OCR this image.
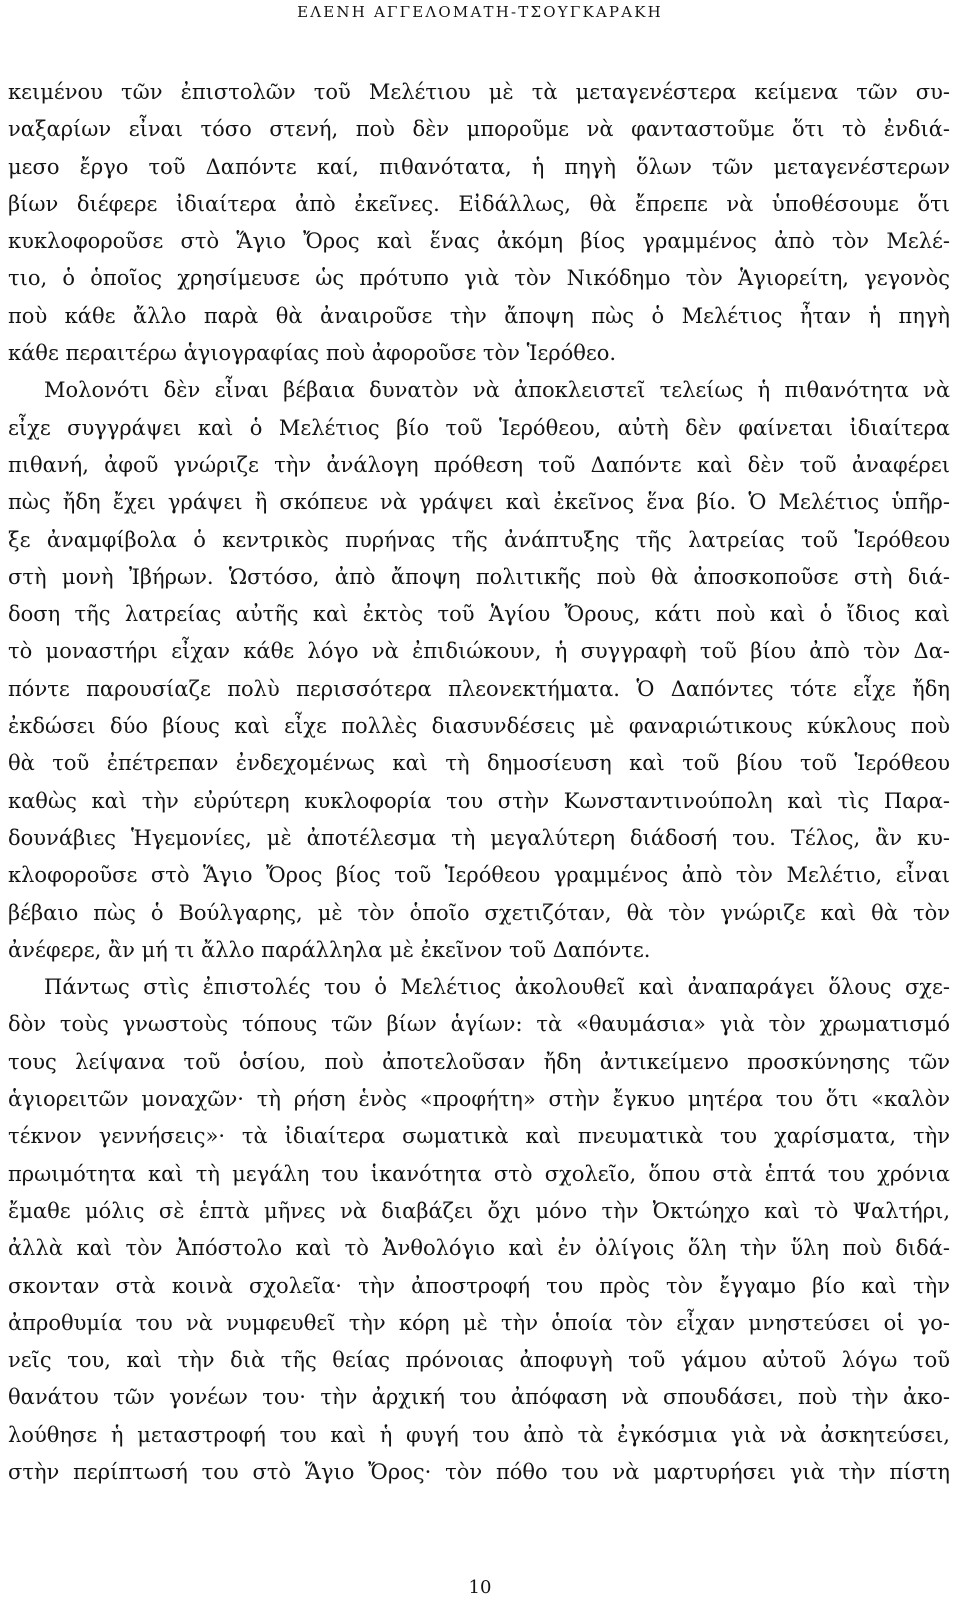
ΕΛΕΝΗ ΑΓΓΕΛΟΜΑΤΗ-ΤΣΟΥΓΚΑΡΑΚΗ

κειμένου τῶν ἐπιστολῶν τοῦ Μελέτιου μὲ τὰ μεταγενέστερα κείμενα τῶν συ-
ναξαρίων εἶναι τόσο στενή, ποὺ δὲν μποροῦμε νὰ φανταστοῦμε ὅτι τὸ ἐνδιά-
μεσο ἔργο τοῦ Δαπόντε καί, πιθανότατα, ἡ πηγὴ ὅλων τῶν μεταγενέστερων
βίων διέφερε ἰδιαίτερα ἀπὸ ἐκεῖνες. Εἰδάλλως, θὰ ἔπρεπε νὰ ὑποθέσουμε ὅτι
κυκλοφοροῦσε στὸ Ἅγιο Ὄρος καὶ ἕνας ἀκόμη βίος γραμμένος ἀπὸ τὸν Μελέ-
τιο, ὁ ὁποῖος χρησίμευσε ὡς πρότυπο γιὰ τὸν Νικόδημο τὸν Ἁγιορείτη, γεγονὸς
ποὺ κάθε ἄλλο παρὰ θὰ ἀναιροῦσε τὴν ἄποψη πὼς ὁ Μελέτιος ἦταν ἡ πηγὴ
κάθε περαιτέρω ἁγιογραφίας ποὺ ἀφοροῦσε τὸν Ἱερόθεο.

Μολονότι δὲν εἶναι βέβαια δυνατὸν νὰ ἀποκλειστεῖ τελείως ἡ πιθανότητα νὰ
εἶχε συγγράψει καὶ ὁ Μελέτιος βίο τοῦ Ἱερόθεου, αὐτὴ δὲν φαίνεται ἰδιαίτερα
πιθανή, ἀφοῦ γνώριζε τὴν ἀνάλογη πρόθεση τοῦ Δαπόντε καὶ δὲν τοῦ ἀναφέρει
πὼς ἤδη ἔχει γράψει ἢ σκόπευε νὰ γράψει καὶ ἐκεῖνος ἕνα βίο. Ὁ Μελέτιος ὑπῆρ-
ξε ἀναμφίβολα ὁ κεντρικὸς πυρήνας τῆς ἀνάπτυξης τῆς λατρείας τοῦ Ἱερόθεου
στὴ μονὴ Ἰβήρων. Ὡστόσο, ἀπὸ ἄποψη πολιτικῆς ποὺ θὰ ἀποσκοποῦσε στὴ διά-
δοση τῆς λατρείας αὐτῆς καὶ ἐκτὸς τοῦ Ἁγίου Ὄρους, κάτι ποὺ καὶ ὁ ἴδιος καὶ
τὸ μοναστήρι εἶχαν κάθε λόγο νὰ ἐπιδιώκουν, ἡ συγγραφὴ τοῦ βίου ἀπὸ τὸν Δα-
πόντε παρουσίαζε πολὺ περισσότερα πλεονεκτήματα. Ὁ Δαπόντες τότε εἶχε ἤδη
ἐκδώσει δύο βίους καὶ εἶχε πολλὲς διασυνδέσεις μὲ φαναριώτικους κύκλους ποὺ
θὰ τοῦ ἐπέτρεπαν ἐνδεχομένως καὶ τὴ δημοσίευση καὶ τοῦ βίου τοῦ Ἱερόθεου
καθὼς καὶ τὴν εὐρύτερη κυκλοφορία του στὴν Κωνσταντινούπολη καὶ τὶς Παρα-
δουνάβιες Ἡγεμονίες, μὲ ἀποτέλεσμα τὴ μεγαλύτερη διάδοσή του. Τέλος, ἂν κυ-
κλοφοροῦσε στὸ Ἅγιο Ὄρος βίος τοῦ Ἱερόθεου γραμμένος ἀπὸ τὸν Μελέτιο, εἶναι
βέβαιο πὼς ὁ Βούλγαρης, μὲ τὸν ὁποῖο σχετιζόταν, θὰ τὸν γνώριζε καὶ θὰ τὸν
ἀνέφερε, ἂν μή τι ἄλλο παράλληλα μὲ ἐκεῖνον τοῦ Δαπόντε.

Πάντως στὶς ἐπιστολές του ὁ Μελέτιος ἀκολουθεῖ καὶ ἀναπαράγει ὅλους σχε-
δὸν τοὺς γνωστοὺς τόπους τῶν βίων ἁγίων: τὰ «θαυμάσια» γιὰ τὸν χρωματισμό
τους λείψανα τοῦ ὁσίου, ποὺ ἀποτελοῦσαν ἤδη ἀντικείμενο προσκύνησης τῶν
ἁγιορειτῶν μοναχῶν· τὴ ρήση ἑνὸς «προφήτη» στὴν ἔγκυο μητέρα του ὅτι «καλὸν
τέκνον γεννήσεις»· τὰ ἰδιαίτερα σωματικὰ καὶ πνευματικὰ του χαρίσματα, τὴν
πρωιμότητα καὶ τὴ μεγάλη του ἱκανότητα στὸ σχολεῖο, ὅπου στὰ ἑπτά του χρόνια
ἔμαθε μόλις σὲ ἑπτὰ μῆνες νὰ διαβάζει ὄχι μόνο τὴν Ὀκτώηχο καὶ τὸ Ψαλτήρι,
ἀλλὰ καὶ τὸν Ἀπόστολο καὶ τὸ Ἀνθολόγιο καὶ ἐν ὀλίγοις ὅλη τὴν ὕλη ποὺ διδά-
σκονταν στὰ κοινὰ σχολεῖα· τὴν ἀποστροφή του πρὸς τὸν ἔγγαμο βίο καὶ τὴν
ἀπροθυμία του νὰ νυμφευθεῖ τὴν κόρη μὲ τὴν ὁποία τὸν εἶχαν μνηστεύσει οἱ γο-
νεῖς του, καὶ τὴν διὰ τῆς θείας πρόνοιας ἀποφυγὴ τοῦ γάμου αὐτοῦ λόγω τοῦ
θανάτου τῶν γονέων του· τὴν ἀρχική του ἀπόφαση νὰ σπουδάσει, ποὺ τὴν ἀκο-
λούθησε ἡ μεταστροφή του καὶ ἡ φυγή του ἀπὸ τὰ ἐγκόσμια γιὰ νὰ ἀσκητεύσει,
στὴν περίπτωσή του στὸ Ἅγιο Ὄρος· τὸν πόθο του νὰ μαρτυρήσει γιὰ τὴν πίστη

10
